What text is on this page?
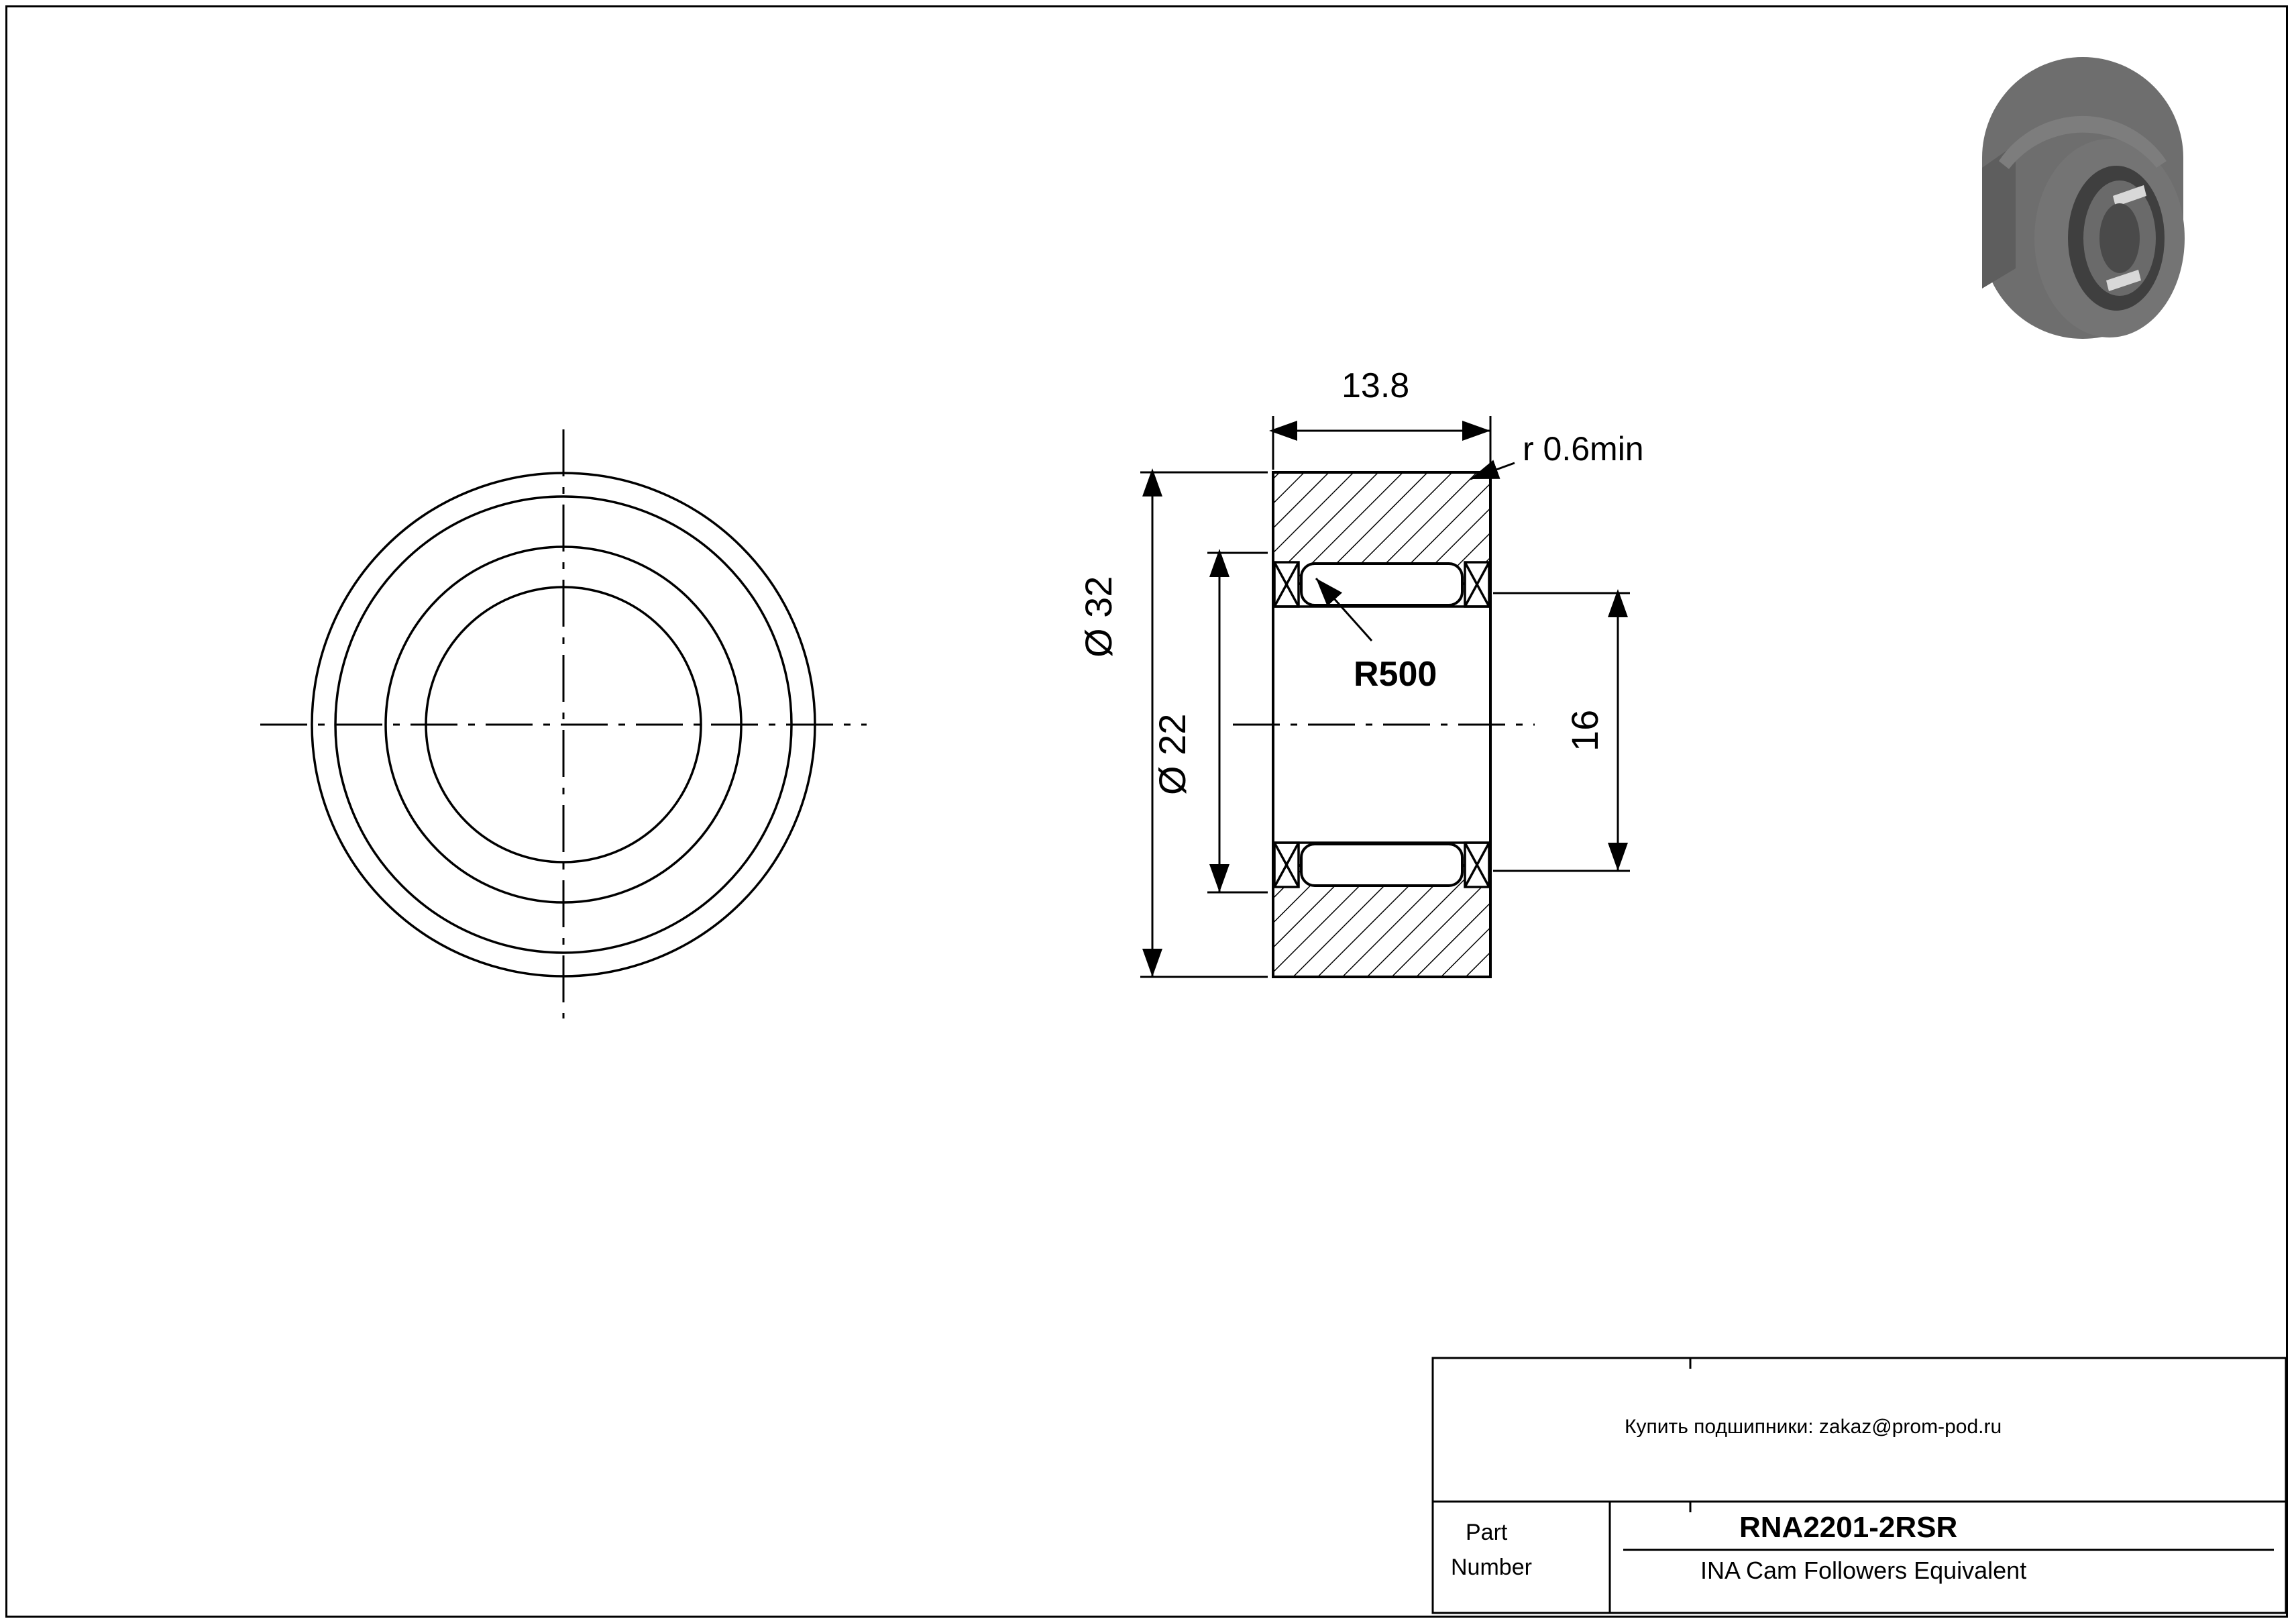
13.8
r 0.6min
R500
Ø 32
Ø 22	16
Купить подшипники: zakaz@prom-pod.ru
Part
Number
RNA2201-2RSR
INA Cam Followers Equivalent
